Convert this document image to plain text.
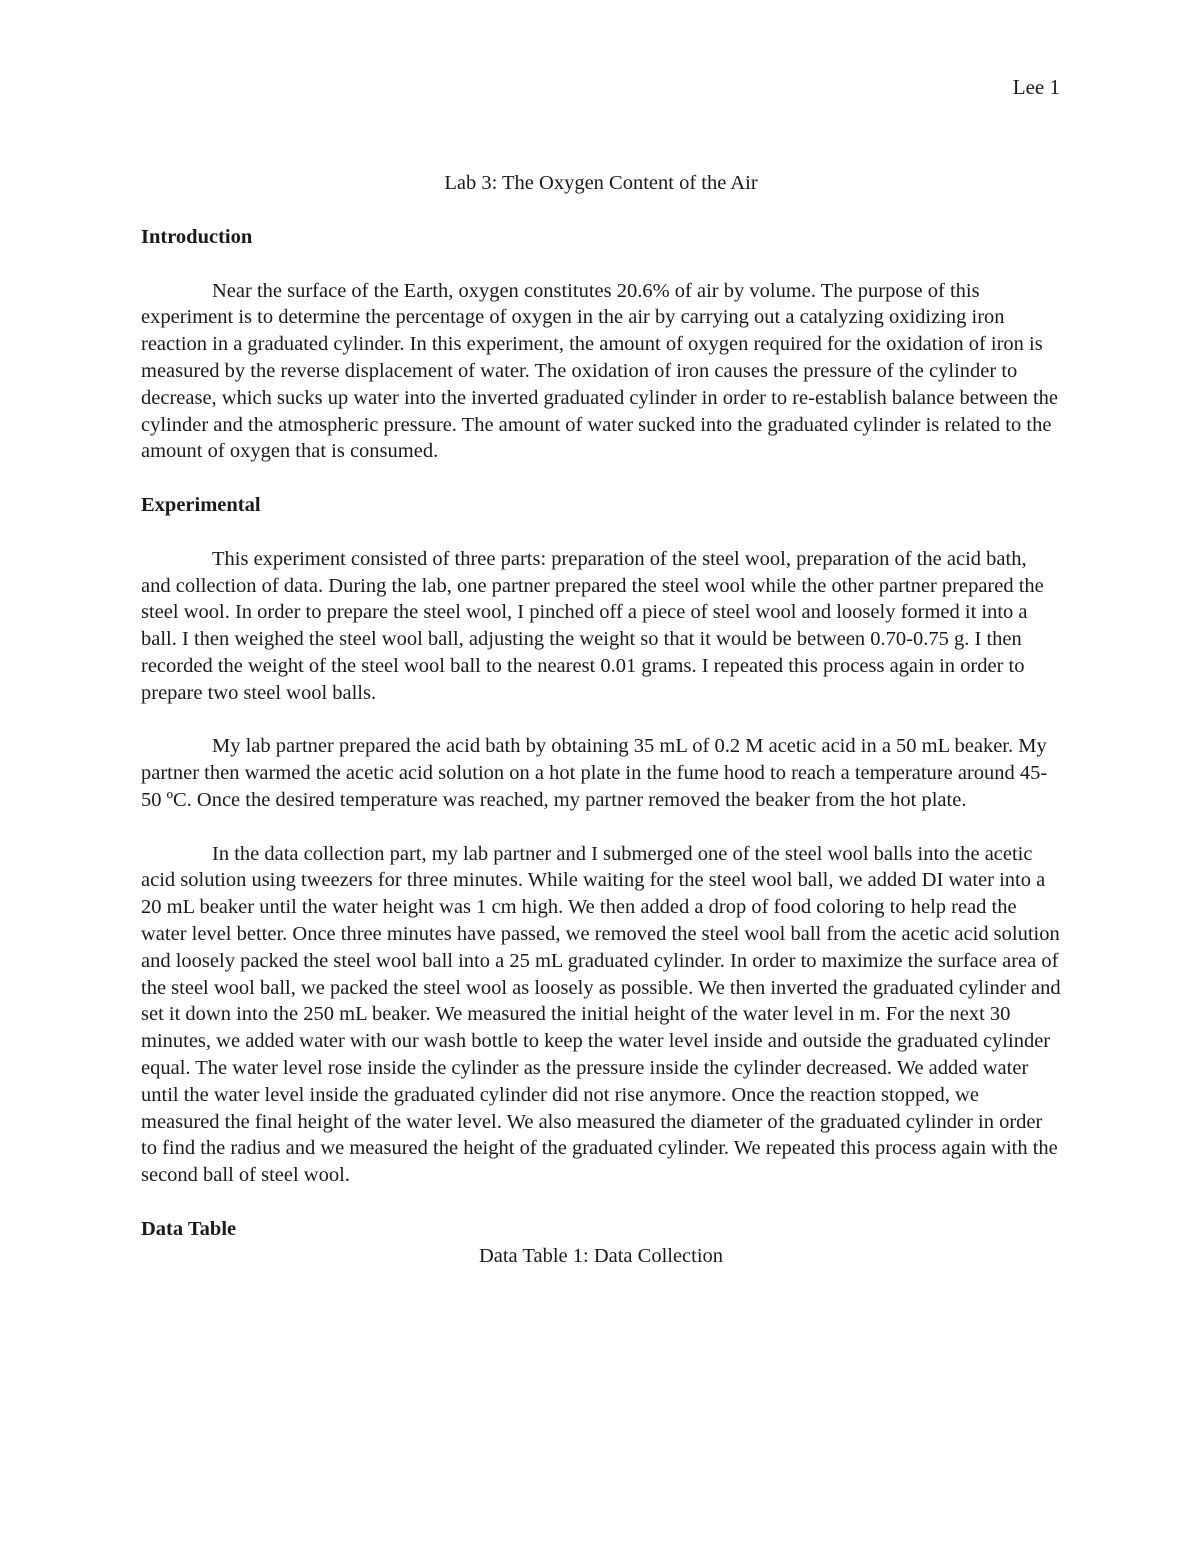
Lee 1

Lab 3: The Oxygen Content of the Air

Introduction

Near the surface of the Earth, oxygen constitutes 20.6% of air by volume. The purpose of this experiment is to determine the percentage of oxygen in the air by carrying out a catalyzing oxidizing iron reaction in a graduated cylinder. In this experiment, the amount of oxygen required for the oxidation of iron is measured by the reverse displacement of water. The oxidation of iron causes the pressure of the cylinder to decrease, which sucks up water into the inverted graduated cylinder in order to re-establish balance between the cylinder and the atmospheric pressure. The amount of water sucked into the graduated cylinder is related to the amount of oxygen that is consumed.

Experimental

This experiment consisted of three parts: preparation of the steel wool, preparation of the acid bath, and collection of data. During the lab, one partner prepared the steel wool while the other partner prepared the steel wool. In order to prepare the steel wool, I pinched off a piece of steel wool and loosely formed it into a ball. I then weighed the steel wool ball, adjusting the weight so that it would be between 0.70-0.75 g. I then recorded the weight of the steel wool ball to the nearest 0.01 grams. I repeated this process again in order to prepare two steel wool balls.

My lab partner prepared the acid bath by obtaining 35 mL of 0.2 M acetic acid in a 50 mL beaker. My partner then warmed the acetic acid solution on a hot plate in the fume hood to reach a temperature around 45-50 ºC. Once the desired temperature was reached, my partner removed the beaker from the hot plate.

In the data collection part, my lab partner and I submerged one of the steel wool balls into the acetic acid solution using tweezers for three minutes. While waiting for the steel wool ball, we added DI water into a 20 mL beaker until the water height was 1 cm high. We then added a drop of food coloring to help read the water level better. Once three minutes have passed, we removed the steel wool ball from the acetic acid solution and loosely packed the steel wool ball into a 25 mL graduated cylinder. In order to maximize the surface area of the steel wool ball, we packed the steel wool as loosely as possible. We then inverted the graduated cylinder and set it down into the 250 mL beaker. We measured the initial height of the water level in m. For the next 30 minutes, we added water with our wash bottle to keep the water level inside and outside the graduated cylinder equal. The water level rose inside the cylinder as the pressure inside the cylinder decreased. We added water until the water level inside the graduated cylinder did not rise anymore. Once the reaction stopped, we measured the final height of the water level. We also measured the diameter of the graduated cylinder in order to find the radius and we measured the height of the graduated cylinder. We repeated this process again with the second ball of steel wool.

Data Table

Data Table 1: Data Collection
